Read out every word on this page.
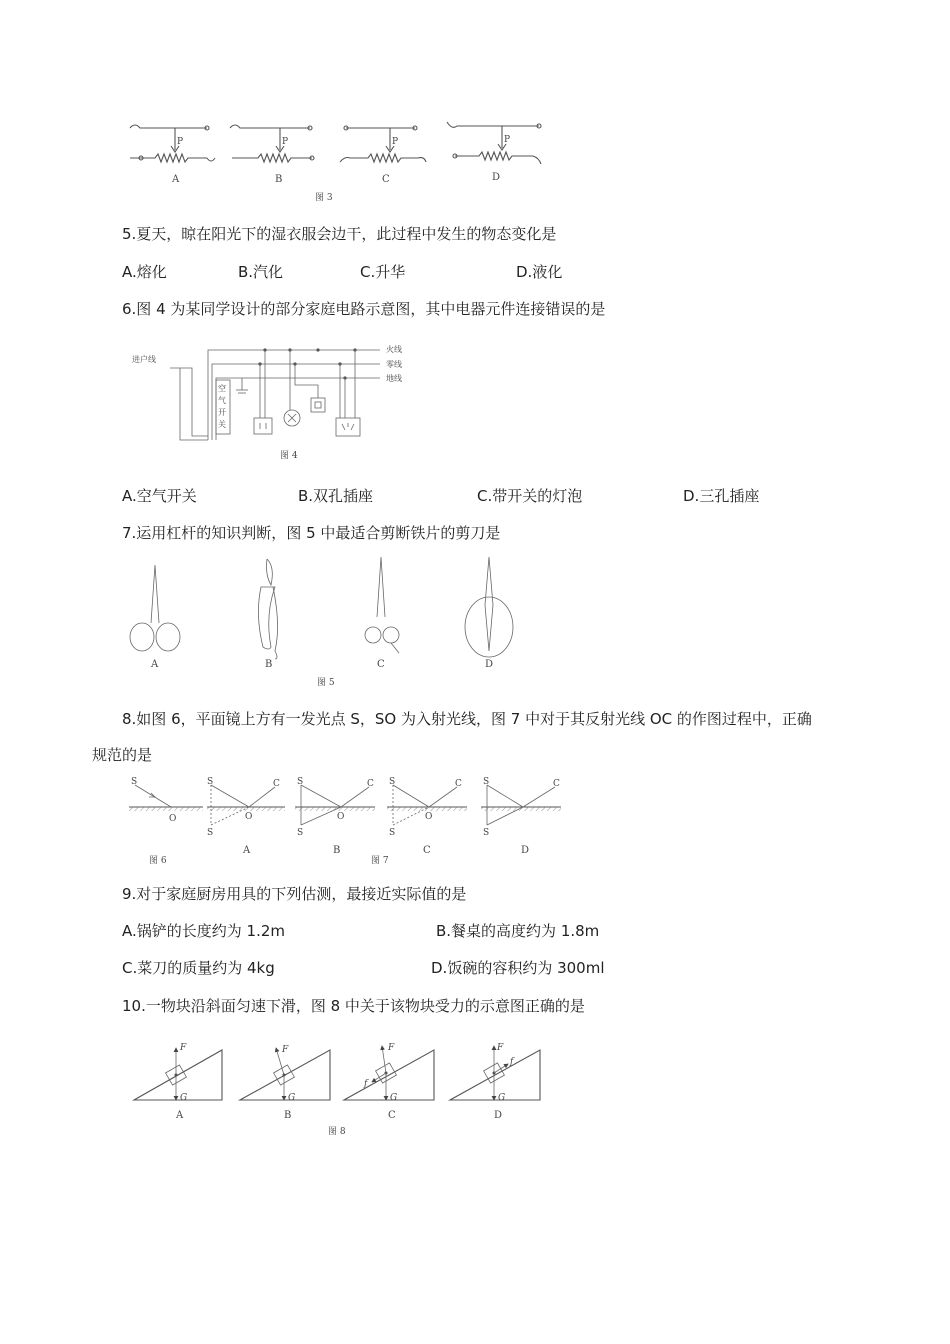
P
A
P
B
P
C
P
D
图 3
5.夏天，晾在阳光下的湿衣服会边干，此过程中发生的物态变化是
A.熔化	B.汽化	C.升华	D.液化
6.图 4 为某同学设计的部分家庭电路示意图，其中电器元件连接错误的是
进户线
空
气
开
关
火线
零线
地线
图 4
A.空气开关	B.双孔插座	C.带开关的灯泡	D.三孔插座
7.运用杠杆的知识判断，图 5 中最适合剪断铁片的剪刀是
A	B	C	D
图 5
8.如图 6，平面镜上方有一发光点 S，SO 为入射光线，图 7 中对于其反射光线 OC 的作图过程中，正确
规范的是
S
O
图 6
S	C
O
S
A
S	C
O
S
B
图 7
S	C
O
S
C
S	C
S
D
9.对于家庭厨房用具的下列估测，最接近实际值的是
A.锅铲的长度约为 1.2m	B.餐桌的高度约为 1.8m
C.菜刀的质量约为 4kg	D.饭碗的容积约为 300ml
10.一物块沿斜面匀速下滑，图 8 中关于该物块受力的示意图正确的是
F
G
A
F
G
B
F
G
f
C
F
G
f
D
图 8
